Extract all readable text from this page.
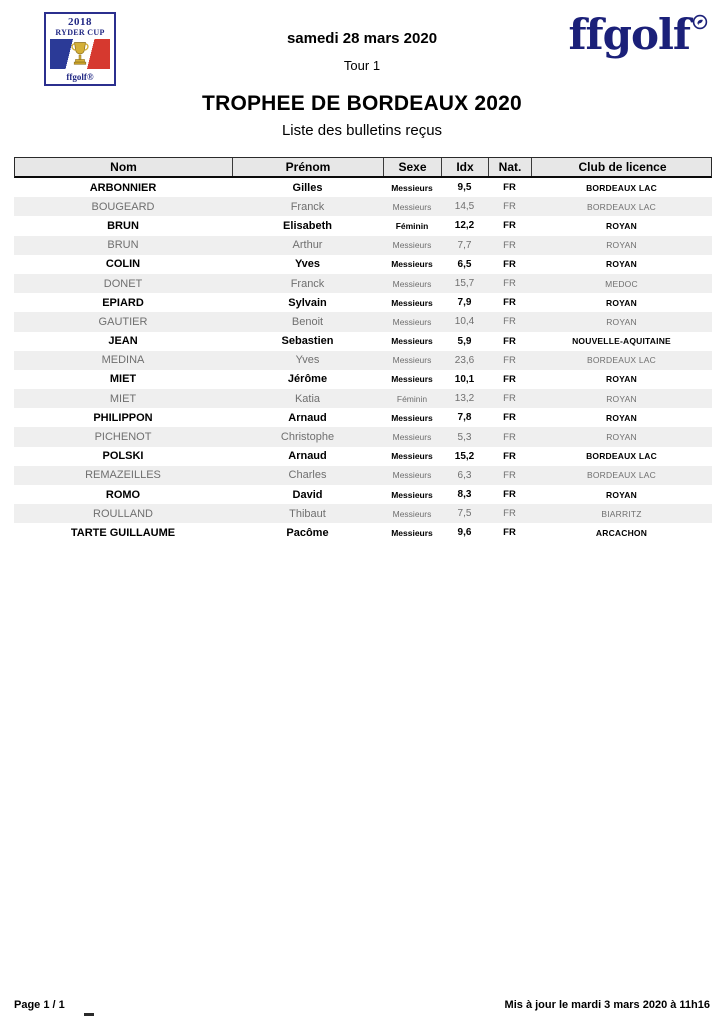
2018
RYDER CUP
ffgolf®
ffgolf
samedi 28 mars 2020
Tour 1
TROPHEE DE BORDEAUX 2020
Liste des bulletins reçus
Nom	Prénom	Sexe	Idx	Nat.	Club de licence
ARBONNIER	Gilles	Messieurs	9,5	FR	BORDEAUX LAC
BOUGEARD	Franck	Messieurs	14,5	FR	BORDEAUX LAC
BRUN	Elisabeth	Féminin	12,2	FR	ROYAN
BRUN	Arthur	Messieurs	7,7	FR	ROYAN
COLIN	Yves	Messieurs	6,5	FR	ROYAN
DONET	Franck	Messieurs	15,7	FR	MEDOC
EPIARD	Sylvain	Messieurs	7,9	FR	ROYAN
GAUTIER	Benoit	Messieurs	10,4	FR	ROYAN
JEAN	Sebastien	Messieurs	5,9	FR	NOUVELLE-AQUITAINE
MEDINA	Yves	Messieurs	23,6	FR	BORDEAUX LAC
MIET	Jérôme	Messieurs	10,1	FR	ROYAN
MIET	Katia	Féminin	13,2	FR	ROYAN
PHILIPPON	Arnaud	Messieurs	7,8	FR	ROYAN
PICHENOT	Christophe	Messieurs	5,3	FR	ROYAN
POLSKI	Arnaud	Messieurs	15,2	FR	BORDEAUX LAC
REMAZEILLES	Charles	Messieurs	6,3	FR	BORDEAUX LAC
ROMO	David	Messieurs	8,3	FR	ROYAN
ROULLAND	Thibaut	Messieurs	7,5	FR	BIARRITZ
TARTE GUILLAUME	Pacôme	Messieurs	9,6	FR	ARCACHON
Page 1 / 1	Mis à jour le mardi 3 mars 2020 à 11h16
